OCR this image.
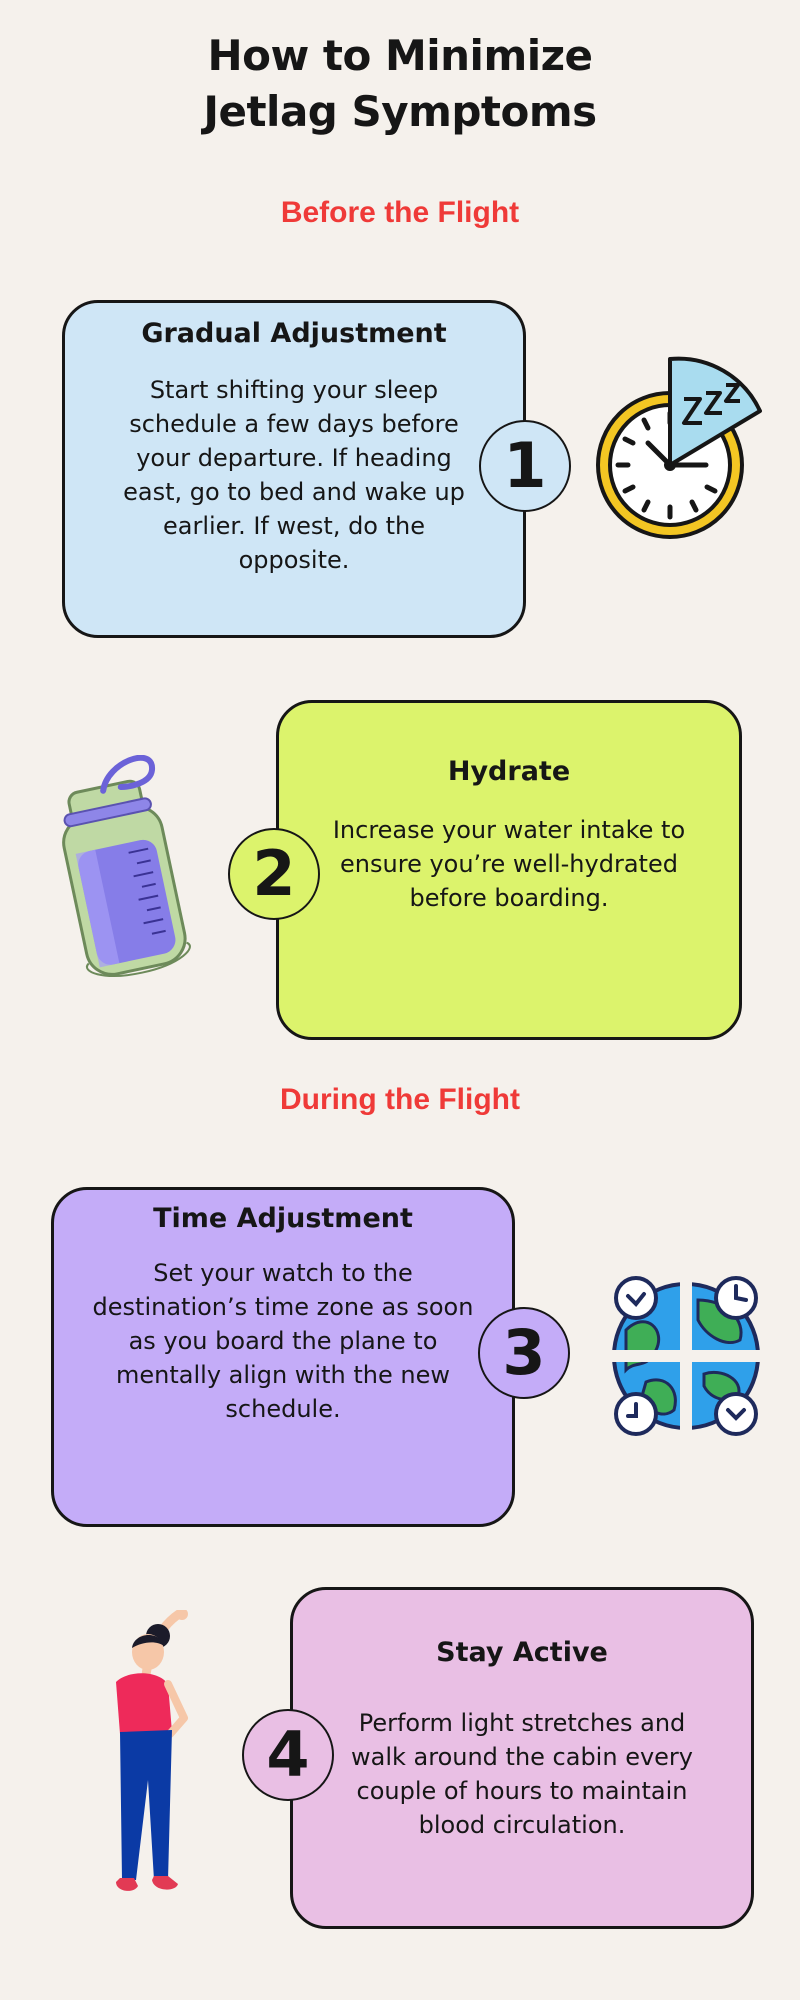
How to Minimize
Jetlag Symptoms
Before the Flight
Gradual Adjustment
Start shifting your sleep schedule a few days before your departure. If heading east, go to bed and wake up earlier. If west, do the opposite.
1
Hydrate
Increase your water intake to ensure you’re well-hydrated before boarding.
2
During the Flight
Time Adjustment
Set your watch to the destination’s time zone as soon as you board the plane to mentally align with the new schedule.
3
Stay Active
Perform light stretches and walk around the cabin every couple of hours to maintain blood circulation.
4
